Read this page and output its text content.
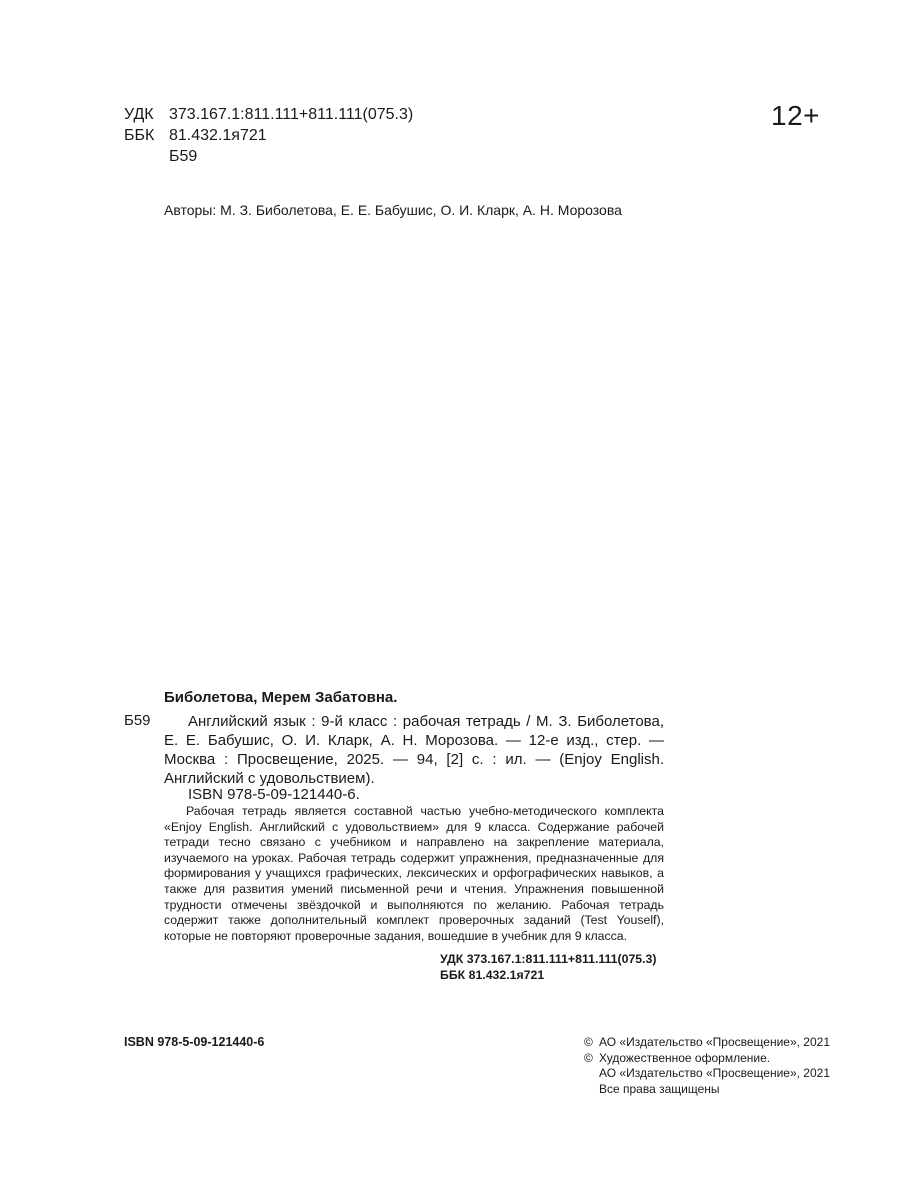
УДК 373.167.1:811.111+811.111(075.3)
ББК 81.432.1я721
Б59
12+
Авторы: М. З. Биболетова, Е. Е. Бабушис, О. И. Кларк, А. Н. Морозова
Биболетова, Мерем Забатовна.
Б59	Английский язык : 9-й класс : рабочая тетрадь / М. З. Биболетова, Е. Е. Бабушис, О. И. Кларк, А. Н. Морозова. — 12-е изд., стер. — Москва : Просвещение, 2025. — 94, [2] с. : ил. — (Enjoy English. Английский с удовольствием).
ISBN 978-5-09-121440-6.
Рабочая тетрадь является составной частью учебно-методического комплекта «Enjoy English. Английский с удовольствием» для 9 класса. Содержание рабочей тетради тесно связано с учебником и направлено на закрепление материала, изучаемого на уроках. Рабочая тетрадь содержит упражнения, предназначенные для формирования у учащихся графических, лексических и орфографических навыков, а также для развития умений письменной речи и чтения. Упражнения повышенной трудности отмечены звёздочкой и выполняются по желанию. Рабочая тетрадь содержит также дополнительный комплект проверочных заданий (Test Youself), которые не повторяют проверочные задания, вошедшие в учебник для 9 класса.
УДК 373.167.1:811.111+811.111(075.3)
ББК 81.432.1я721
ISBN 978-5-09-121440-6	© АО «Издательство «Просвещение», 2021
© Художественное оформление.
АО «Издательство «Просвещение», 2021
Все права защищены
